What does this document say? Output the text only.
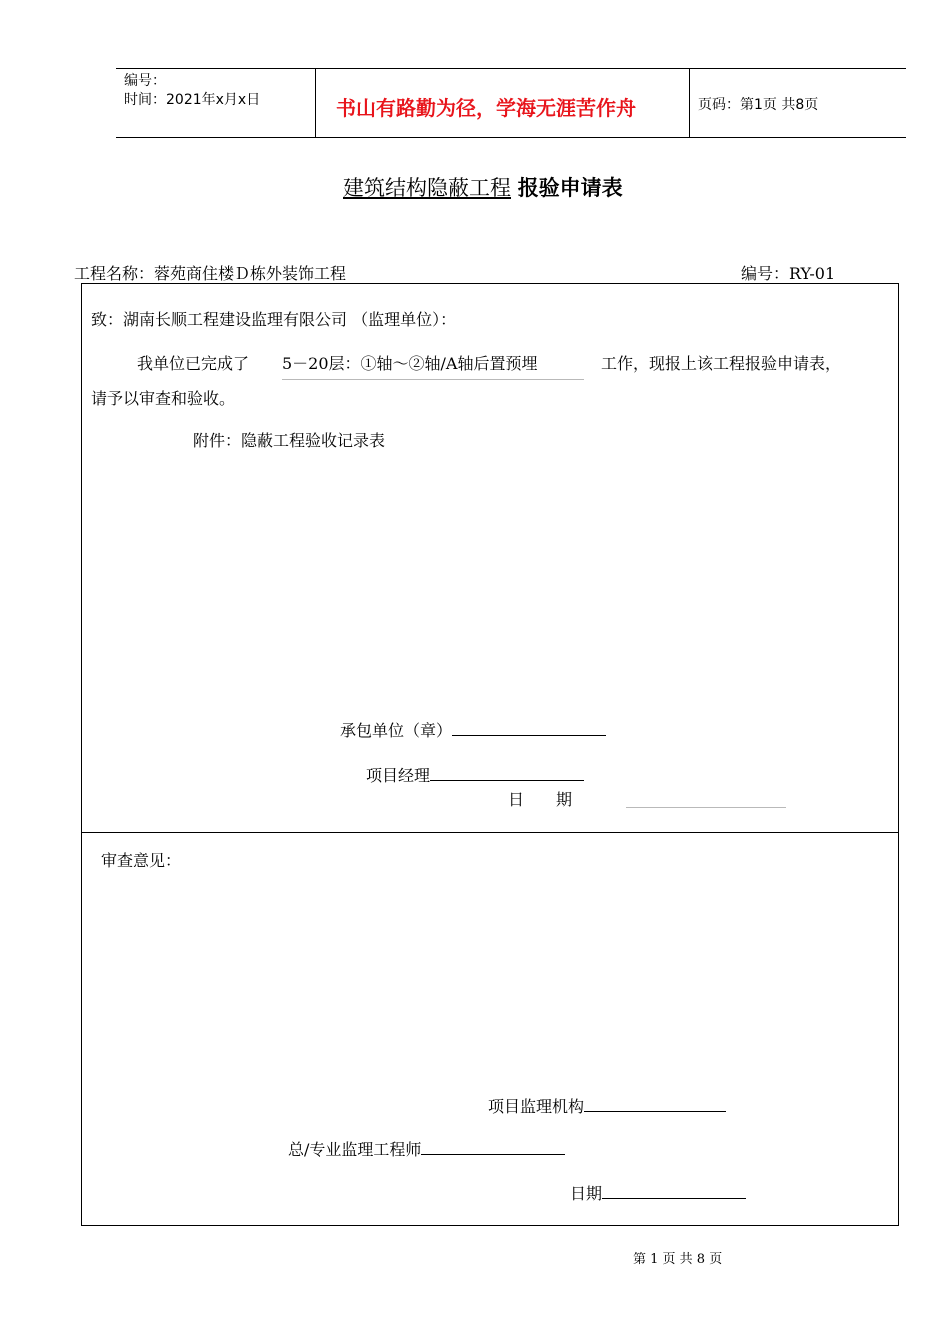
编号：
时间：2021年x月x日	书山有路勤为径，学海无涯苦作舟	页码：第1页 共8页
建筑结构隐蔽工程 报验申请表
工程名称：蓉苑商住楼Ｄ栋外装饰工程	编号：RY-01
致：湖南长顺工程建设监理有限公司 （监理单位）：
我单位已完成了 5－20层：①轴～②轴/A轴后置预埋	工作，现报上该工程报验申请表，
请予以审查和验收。
附件：隐蔽工程验收记录表
承包单位（章）
项目经理
日　　期
审查意见：
项目监理机构
总/专业监理工程师
日期
第 1 页 共 8 页
